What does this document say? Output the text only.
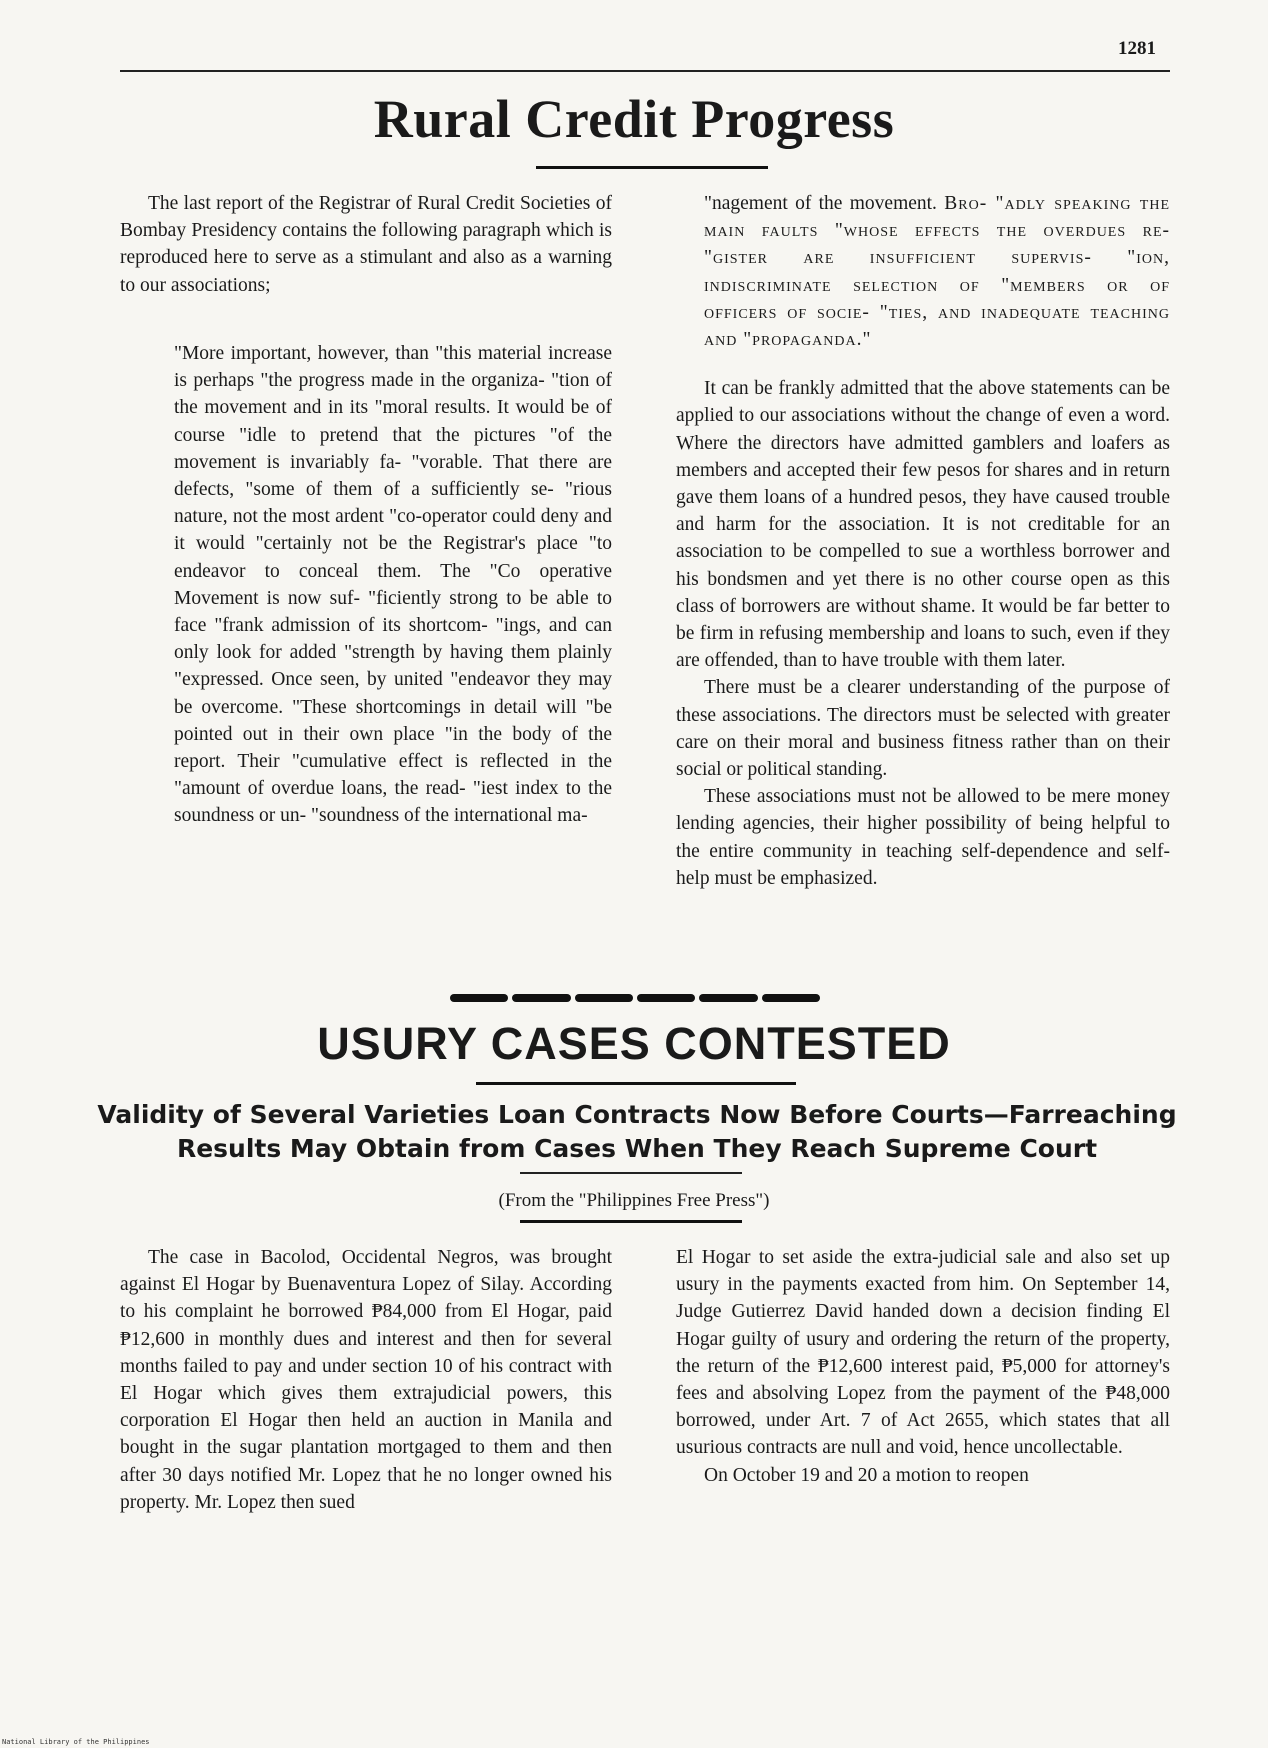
1281
Rural Credit Progress

The last report of the Registrar of Rural Credit Societies of Bombay Presidency contains the following paragraph which is reproduced here to serve as a stimulant and also as a warning to our associations;

"More important, however, than "this material increase is perhaps "the progress made in the organiza- "tion of the movement and in its "moral results. It would be of course "idle to pretend that the pictures "of the movement is invariably fa- "vorable. That there are defects, "some of them of a sufficiently se- "rious nature, not the most ardent "co-operator could deny and it would "certainly not be the Registrar's place "to endeavor to conceal them. The "Co operative Movement is now suf- "ficiently strong to be able to face "frank admission of its shortcom- "ings, and can only look for added "strength by having them plainly "expressed. Once seen, by united "endeavor they may be overcome. "These shortcomings in detail will "be pointed out in their own place "in the body of the report. Their "cumulative effect is reflected in the "amount of overdue loans, the read- "iest index to the soundness or un- "soundness of the international ma-

"nagement of the movement. Bro- "adly speaking the main faults "whose effects the overdues re- "gister are insufficient supervis- "ion, indiscriminate selection of "members or of officers of socie- "ties, and inadequate teaching and "propaganda."

It can be frankly admitted that the above statements can be applied to our associations without the change of even a word. Where the directors have admitted gamblers and loafers as members and accepted their few pesos for shares and in return gave them loans of a hundred pesos, they have caused trouble and harm for the association. It is not creditable for an association to be compelled to sue a worthless borrower and his bondsmen and yet there is no other course open as this class of borrowers are without shame. It would be far better to be firm in refusing membership and loans to such, even if they are offended, than to have trouble with them later.

There must be a clearer understanding of the purpose of these associations. The directors must be selected with greater care on their moral and business fitness rather than on their social or political standing.

These associations must not be allowed to be mere money lending agencies, their higher possibility of being helpful to the entire community in teaching self-dependence and self-help must be emphasized.

USURY CASES CONTESTED
Validity of Several Varieties Loan Contracts Now Before Courts—Farreaching Results May Obtain from Cases When They Reach Supreme Court
(From the "Philippines Free Press")

The case in Bacolod, Occidental Negros, was brought against El Hogar by Buenaventura Lopez of Silay. According to his complaint he borrowed ₱84,000 from El Hogar, paid ₱12,600 in monthly dues and interest and then for several months failed to pay and under section 10 of his contract with El Hogar which gives them extrajudicial powers, this corporation El Hogar then held an auction in Manila and bought in the sugar plantation mortgaged to them and then after 30 days notified Mr. Lopez that he no longer owned his property. Mr. Lopez then sued

El Hogar to set aside the extra-judicial sale and also set up usury in the payments exacted from him. On September 14, Judge Gutierrez David handed down a decision finding El Hogar guilty of usury and ordering the return of the property, the return of the ₱12,600 interest paid, ₱5,000 for attorney's fees and absolving Lopez from the payment of the ₱48,000 borrowed, under Art. 7 of Act 2655, which states that all usurious contracts are null and void, hence uncollectable.

On October 19 and 20 a motion to reopen

National Library of the Philippines
